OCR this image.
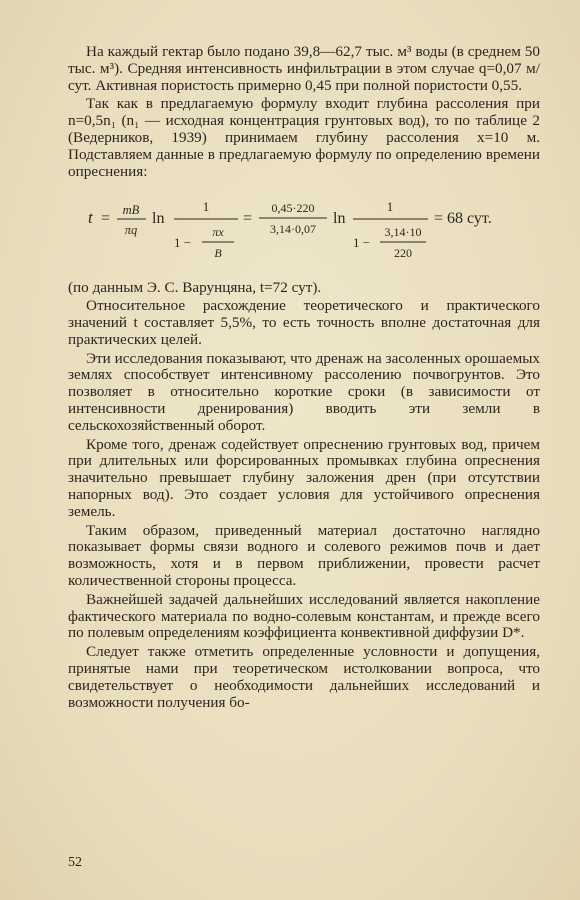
На каждый гектар было подано 39,8—62,7 тыс. м³ воды (в среднем 50 тыс. м³). Средняя интенсивность инфильтрации в этом случае q=0,07 м/сут. Активная пористость примерно 0,45 при полной пористости 0,55.

Так как в предлагаемую формулу входит глубина рассоления при n=0,5n₁ (n₁ — исходная концентрация грунтовых вод), то по таблице 2 (Ведерников, 1939) принимаем глубину рассоления x=10 м. Подставляем данные в предлагаемую формулу по определению времени опреснения:

t = mB
πq
ln
1
1 −
πx
B
=
0,45·220
3,14·0,07
ln
1
1 −
3,14·10
220
= 68 сут.

(по данным Э. С. Варунцяна, t=72 сут).

Относительное расхождение теоретического и практического значений t составляет 5,5%, то есть точность вполне достаточная для практических целей.

Эти исследования показывают, что дренаж на засоленных орошаемых землях способствует интенсивному рассолению почвогрунтов. Это позволяет в относительно короткие сроки (в зависимости от интенсивности дренирования) вводить эти земли в сельскохозяйственный оборот.

Кроме того, дренаж содействует опреснению грунтовых вод, причем при длительных или форсированных промывках глубина опреснения значительно превышает глубину заложения дрен (при отсутствии напорных вод). Это создает условия для устойчивого опреснения земель.

Таким образом, приведенный материал достаточно наглядно показывает формы связи водного и солевого режимов почв и дает возможность, хотя и в первом приближении, провести расчет количественной стороны процесса.

Важнейшей задачей дальнейших исследований является накопление фактического материала по водно-солевым константам, и прежде всего по полевым определениям коэффициента конвективной диффузии D*.

Следует также отметить определенные условности и допущения, принятые нами при теоретическом истолковании вопроса, что свидетельствует о необходимости дальнейших исследований и возможности получения бо-

52
